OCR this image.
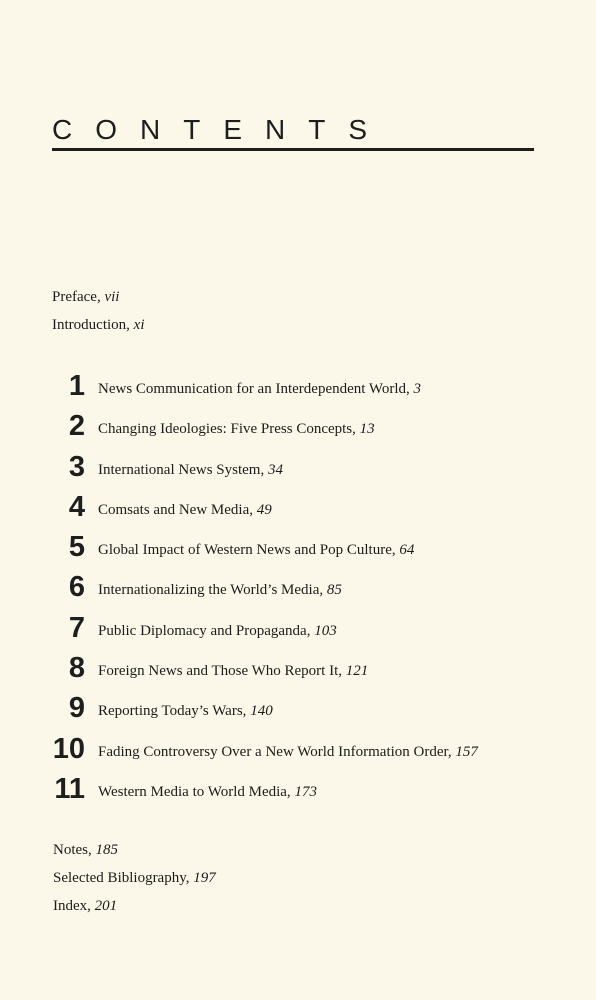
CONTENTS
Preface, vii
Introduction, xi
1 News Communication for an Interdependent World, 3
2 Changing Ideologies: Five Press Concepts, 13
3 International News System, 34
4 Comsats and New Media, 49
5 Global Impact of Western News and Pop Culture, 64
6 Internationalizing the World’s Media, 85
7 Public Diplomacy and Propaganda, 103
8 Foreign News and Those Who Report It, 121
9 Reporting Today’s Wars, 140
10 Fading Controversy Over a New World Information Order, 157
11 Western Media to World Media, 173
Notes, 185
Selected Bibliography, 197
Index, 201
